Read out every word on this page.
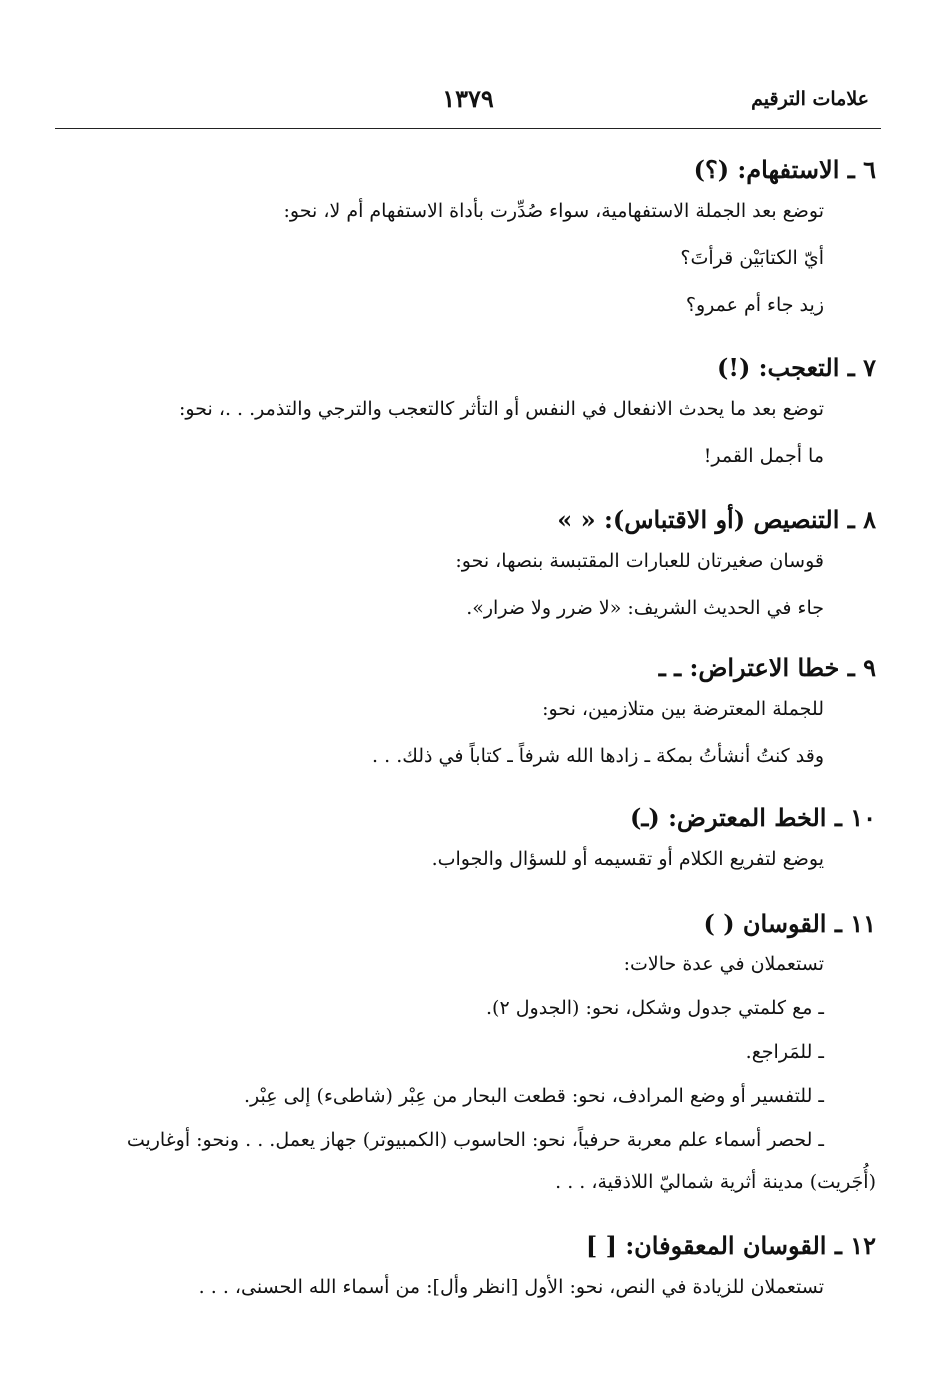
١٣٧٩	علامات الترقيم
٦ ـ الاستفهام: (؟)
توضع بعد الجملة الاستفهامية، سواء صُدِّرت بأداة الاستفهام أم لا، نحو:
أيّ الكتابَيْن قرأتَ؟
زيد جاء أم عمرو؟
٧ ـ التعجب: (!)
توضع بعد ما يحدث الانفعال في النفس أو التأثر كالتعجب والترجي والتذمر. . .، نحو:
ما أجمل القمر!
٨ ـ التنصيص (أو الاقتباس): « »
قوسان صغيرتان للعبارات المقتبسة بنصها، نحو:
جاء في الحديث الشريف: «لا ضرر ولا ضرار».
٩ ـ خطا الاعتراض: ـ ـ
للجملة المعترضة بين متلازمين، نحو:
وقد كنتُ أنشأتُ بمكة ـ زادها الله شرفاً ـ كتاباً في ذلك. . .
١٠ ـ الخط المعترض: (ـ)
يوضع لتفريع الكلام أو تقسيمه أو للسؤال والجواب.
١١ ـ القوسان ( )
تستعملان في عدة حالات:
ـ مع كلمتي جدول وشكل، نحو: (الجدول ٢).
ـ للمَراجع.
ـ للتفسير أو وضع المرادف، نحو: قطعت البحار من عِبْر (شاطىء) إلى عِبْر.
ـ لحصر أسماء علم معربة حرفياً، نحو: الحاسوب (الكمبيوتر) جهاز يعمل. . . ونحو: أوغاريت
(أُجَريت) مدينة أثرية شماليّ اللاذقية، . . .
١٢ ـ القوسان المعقوفان: [ ]
تستعملان للزيادة في النص، نحو: الأول [انظر وأل]: من أسماء الله الحسنى، . . .
